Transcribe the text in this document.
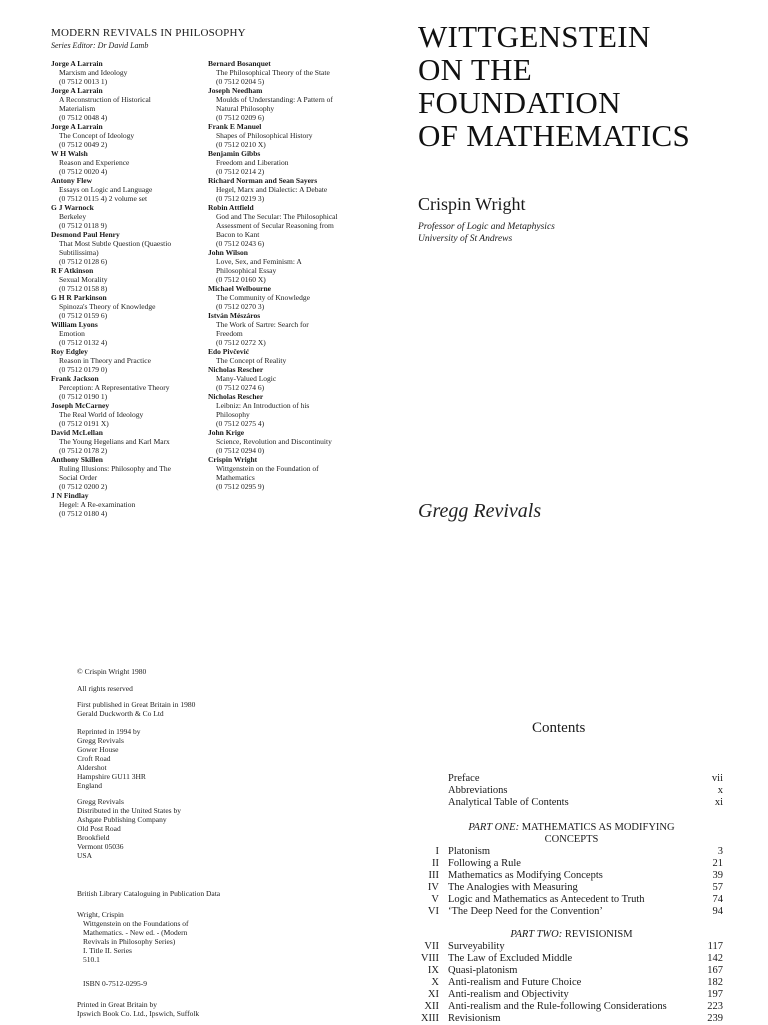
MODERN REVIVALS IN PHILOSOPHY
Series Editor: Dr David Lamb
Jorge A Larrain
Marxism and Ideology
(0 7512 0013 1)
Jorge A Larrain
A Reconstruction of Historical
Materialism
(0 7512 0048 4)
Jorge A Larrain
The Concept of Ideology
(0 7512 0049 2)
W H Walsh
Reason and Experience
(0 7512 0020 4)
Antony Flew
Essays on Logic and Language
(0 7512 0115 4) 2 volume set
G J Warnock
Berkeley
(0 7512 0118 9)
Desmond Paul Henry
That Most Subtle Question (Quaestio
Subtilissima)
(0 7512 0128 6)
R F Atkinson
Sexual Morality
(0 7512 0158 8)
G H R Parkinson
Spinoza's Theory of Knowledge
(0 7512 0159 6)
William Lyons
Emotion
(0 7512 0132 4)
Roy Edgley
Reason in Theory and Practice
(0 7512 0179 0)
Frank Jackson
Perception: A Representative Theory
(0 7512 0190 1)
Joseph McCarney
The Real World of Ideology
(0 7512 0191 X)
David McLellan
The Young Hegelians and Karl Marx
(0 7512 0178 2)
Anthony Skillen
Ruling Illusions: Philosophy and The
Social Order
(0 7512 0200 2)
J N Findlay
Hegel: A Re-examination
(0 7512 0180 4)
Bernard Bosanquet
The Philosophical Theory of the State
(0 7512 0204 5)
Joseph Needham
Moulds of Understanding: A Pattern of
Natural Philosophy
(0 7512 0209 6)
Frank E Manuel
Shapes of Philosophical History
(0 7512 0210 X)
Benjamin Gibbs
Freedom and Liberation
(0 7512 0214 2)
Richard Norman and Sean Sayers
Hegel, Marx and Dialectic: A Debate
(0 7512 0219 3)
Robin Attfield
God and The Secular: The Philosophical
Assessment of Secular Reasoning from
Bacon to Kant
(0 7512 0243 6)
John Wilson
Love, Sex, and Feminism: A
Philosophical Essay
(0 7512 0160 X)
Michael Welbourne
The Community of Knowledge
(0 7512 0270 3)
István Mészáros
The Work of Sartre: Search for
Freedom
(0 7512 0272 X)
Edo Pivčević
The Concept of Reality
Nicholas Rescher
Many-Valued Logic
(0 7512 0274 6)
Nicholas Rescher
Leibniz: An Introduction of his
Philosophy
(0 7512 0275 4)
John Krige
Science, Revolution and Discontinuity
(0 7512 0294 0)
Crispin Wright
Wittgenstein on the Foundation of
Mathematics
(0 7512 0295 9)
WITTGENSTEIN
ON THE
FOUNDATION
OF MATHEMATICS
Crispin Wright
Professor of Logic and Metaphysics
University of St Andrews
Gregg Revivals
© Crispin Wright 1980
All rights reserved
First published in Great Britain in 1980
Gerald Duckworth & Co Ltd
Reprinted in 1994 by
Gregg Revivals
Gower House
Croft Road
Aldershot
Hampshire GU11 3HR
England
Gregg Revivals
Distributed in the United States by
Ashgate Publishing Company
Old Post Road
Brookfield
Vermont 05036
USA
British Library Cataloguing in Publication Data
Wright, Crispin
Wittgenstein on the Foundations of
Mathematics. - New ed. - (Modern
Revivals in Philosophy Series)
I. Title II. Series
510.1
ISBN 0-7512-0295-9
Printed in Great Britain by
Ipswich Book Co. Ltd., Ipswich, Suffolk
Contents
Preface	vii
Abbreviations	x
Analytical Table of Contents	xi
PART ONE: MATHEMATICS AS MODIFYING
CONCEPTS
I Platonism	3
II Following a Rule	21
III Mathematics as Modifying Concepts	39
IV The Analogies with Measuring	57
V Logic and Mathematics as Antecedent to Truth	74
VI ‘The Deep Need for the Convention’	94
PART TWO: REVISIONISM
VII Surveyability	117
VIII The Law of Excluded Middle	142
IX Quasi-platonism	167
X Anti-realism and Future Choice	182
XI Anti-realism and Objectivity	197
XII Anti-realism and the Rule-following Considerations	223
XIII Revisionism	239
